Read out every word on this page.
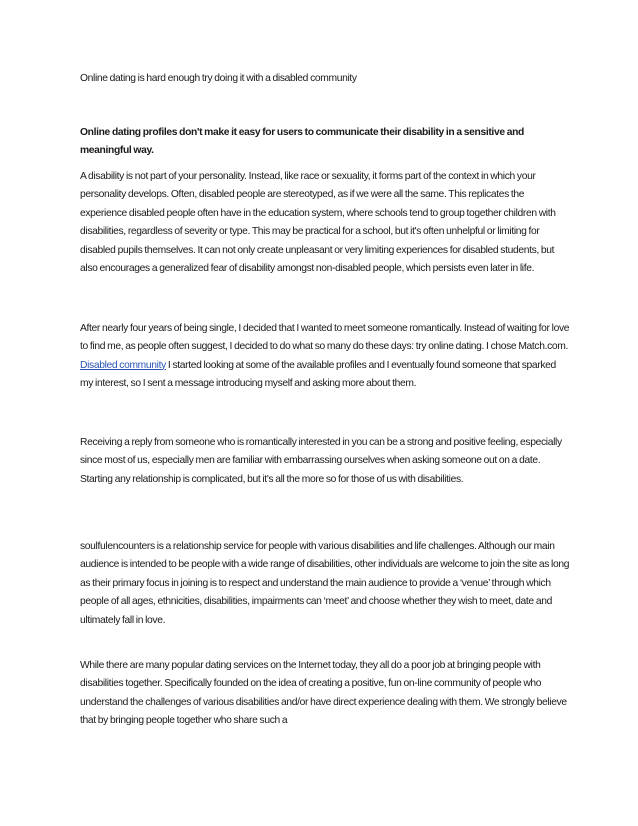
Online dating is hard enough try doing it with a disabled community

Online dating profiles don't make it easy for users to communicate their disability in a sensitive and meaningful way.

A disability is not part of your personality. Instead, like race or sexuality, it forms part of the context in which your personality develops. Often, disabled people are stereotyped, as if we were all the same. This replicates the experience disabled people often have in the education system, where schools tend to group together children with disabilities, regardless of severity or type. This may be practical for a school, but it's often unhelpful or limiting for disabled pupils themselves. It can not only create unpleasant or very limiting experiences for disabled students, but also encourages a generalized fear of disability amongst non-disabled people, which persists even later in life.

After nearly four years of being single, I decided that I wanted to meet someone romantically. Instead of waiting for love to find me, as people often suggest, I decided to do what so many do these days: try online dating. I chose Match.com. Disabled community I started looking at some of the available profiles and I eventually found someone that sparked my interest, so I sent a message introducing myself and asking more about them.

Receiving a reply from someone who is romantically interested in you can be a strong and positive feeling, especially since most of us, especially men are familiar with embarrassing ourselves when asking someone out on a date. Starting any relationship is complicated, but it's all the more so for those of us with disabilities.

soulfulencounters is a relationship service for people with various disabilities and life challenges. Although our main audience is intended to be people with a wide range of disabilities, other individuals are welcome to join the site as long as their primary focus in joining is to respect and understand the main audience to provide a ‘venue’ through which people of all ages, ethnicities, disabilities, impairments can ‘meet’ and choose whether they wish to meet, date and ultimately fall in love.

While there are many popular dating services on the Internet today, they all do a poor job at bringing people with disabilities together. Specifically founded on the idea of creating a positive, fun on-line community of people who understand the challenges of various disabilities and/or have direct experience dealing with them. We strongly believe that by bringing people together who share such a
